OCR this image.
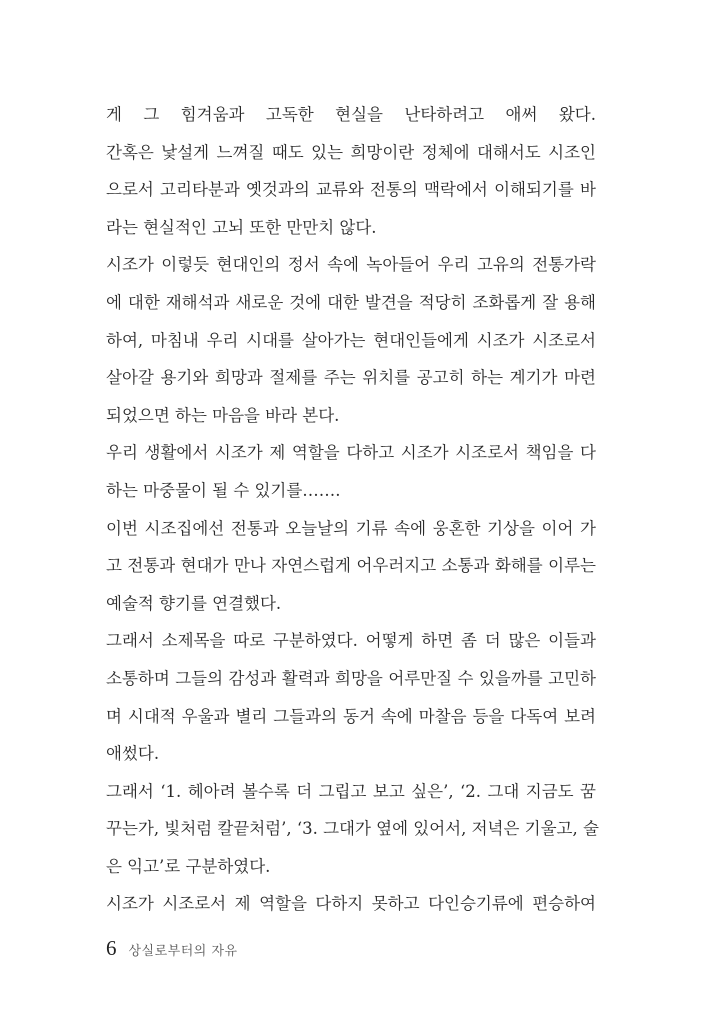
게 그 힘겨움과 고독한 현실을 난타하려고 애써 왔다.
간혹은 낯설게 느껴질 때도 있는 희망이란 정체에 대해서도 시조인
으로서 고리타분과 옛것과의 교류와 전통의 맥락에서 이해되기를 바
라는 현실적인 고뇌 또한 만만치 않다.
시조가 이렇듯 현대인의 정서 속에 녹아들어 우리 고유의 전통가락
에 대한 재해석과 새로운 것에 대한 발견을 적당히 조화롭게 잘 용해
하여, 마침내 우리 시대를 살아가는 현대인들에게 시조가 시조로서
살아갈 용기와 희망과 절제를 주는 위치를 공고히 하는 계기가 마련
되었으면 하는 마음을 바라 본다.
우리 생활에서 시조가 제 역할을 다하고 시조가 시조로서 책임을 다
하는 마중물이 될 수 있기를…….
이번 시조집에선 전통과 오늘날의 기류 속에 웅혼한 기상을 이어 가
고 전통과 현대가 만나 자연스럽게 어우러지고 소통과 화해를 이루는
예술적 향기를 연결했다.
그래서 소제목을 따로 구분하였다. 어떻게 하면 좀 더 많은 이들과
소통하며 그들의 감성과 활력과 희망을 어루만질 수 있을까를 고민하
며 시대적 우울과 별리 그들과의 동거 속에 마찰음 등을 다독여 보려
애썼다.
그래서 ‘1. 헤아려 볼수록 더 그립고 보고 싶은’, ‘2. 그대 지금도 꿈
꾸는가, 빛처럼 칼끝처럼’, ‘3. 그대가 옆에 있어서, 저녁은 기울고, 술
은 익고’로 구분하였다.
시조가 시조로서 제 역할을 다하지 못하고 다인승기류에 편승하여
6 상실로부터의 자유
